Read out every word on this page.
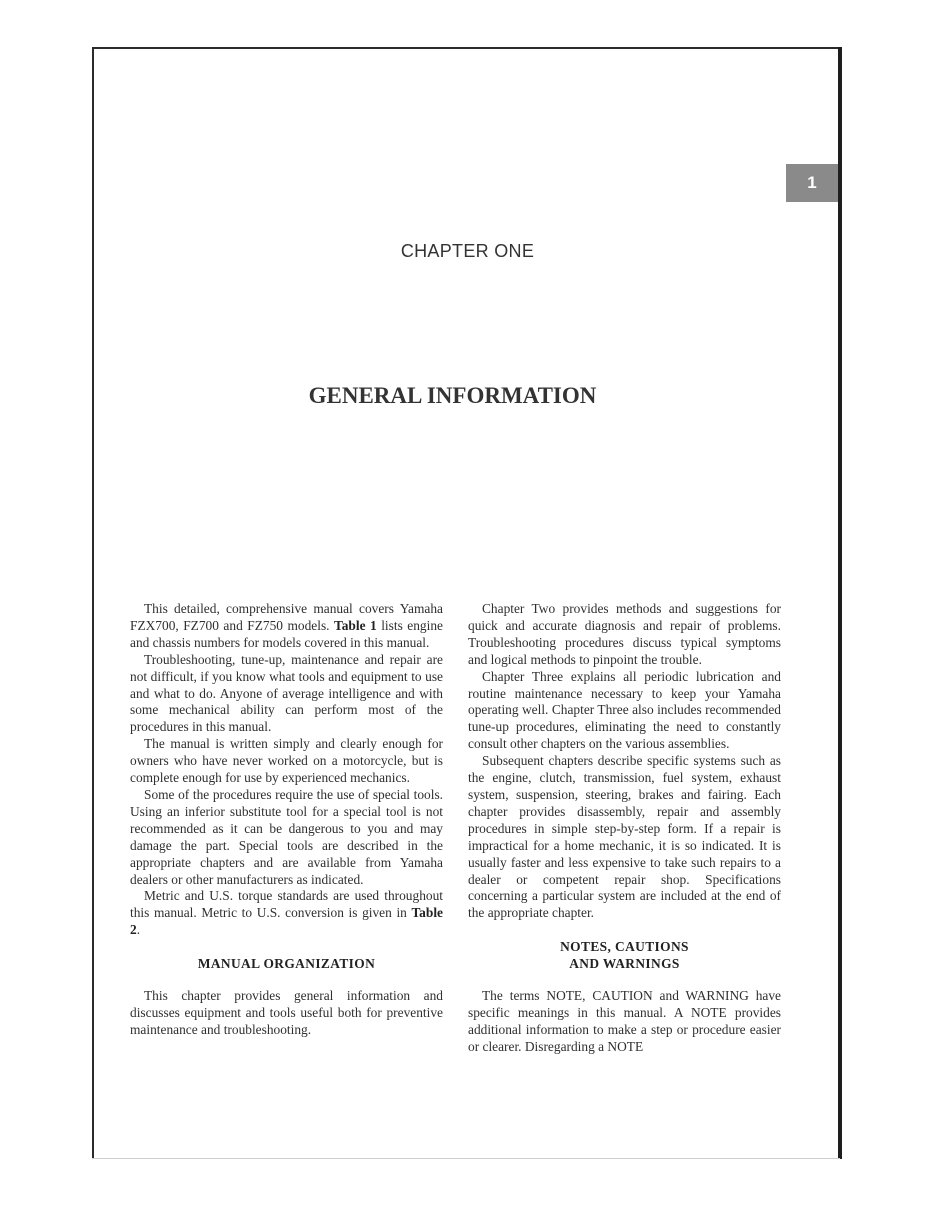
1
CHAPTER ONE
GENERAL INFORMATION

This detailed, comprehensive manual covers Yamaha FZX700, FZ700 and FZ750 models. Table 1 lists engine and chassis numbers for models covered in this manual.

Troubleshooting, tune-up, maintenance and repair are not difficult, if you know what tools and equipment to use and what to do. Anyone of average intelligence and with some mechanical ability can perform most of the procedures in this manual.

The manual is written simply and clearly enough for owners who have never worked on a motorcycle, but is complete enough for use by experienced mechanics.

Some of the procedures require the use of special tools. Using an inferior substitute tool for a special tool is not recommended as it can be dangerous to you and may damage the part. Special tools are described in the appropriate chapters and are available from Yamaha dealers or other manufacturers as indicated.

Metric and U.S. torque standards are used throughout this manual. Metric to U.S. conversion is given in Table 2.

MANUAL ORGANIZATION

This chapter provides general information and discusses equipment and tools useful both for preventive maintenance and troubleshooting.

Chapter Two provides methods and suggestions for quick and accurate diagnosis and repair of problems. Troubleshooting procedures discuss typical symptoms and logical methods to pinpoint the trouble.

Chapter Three explains all periodic lubrication and routine maintenance necessary to keep your Yamaha operating well. Chapter Three also includes recommended tune-up procedures, eliminating the need to constantly consult other chapters on the various assemblies.

Subsequent chapters describe specific systems such as the engine, clutch, transmission, fuel system, exhaust system, suspension, steering, brakes and fairing. Each chapter provides disassembly, repair and assembly procedures in simple step-by-step form. If a repair is impractical for a home mechanic, it is so indicated. It is usually faster and less expensive to take such repairs to a dealer or competent repair shop. Specifications concerning a particular system are included at the end of the appropriate chapter.

NOTES, CAUTIONS
AND WARNINGS

The terms NOTE, CAUTION and WARNING have specific meanings in this manual. A NOTE provides additional information to make a step or procedure easier or clearer. Disregarding a NOTE
